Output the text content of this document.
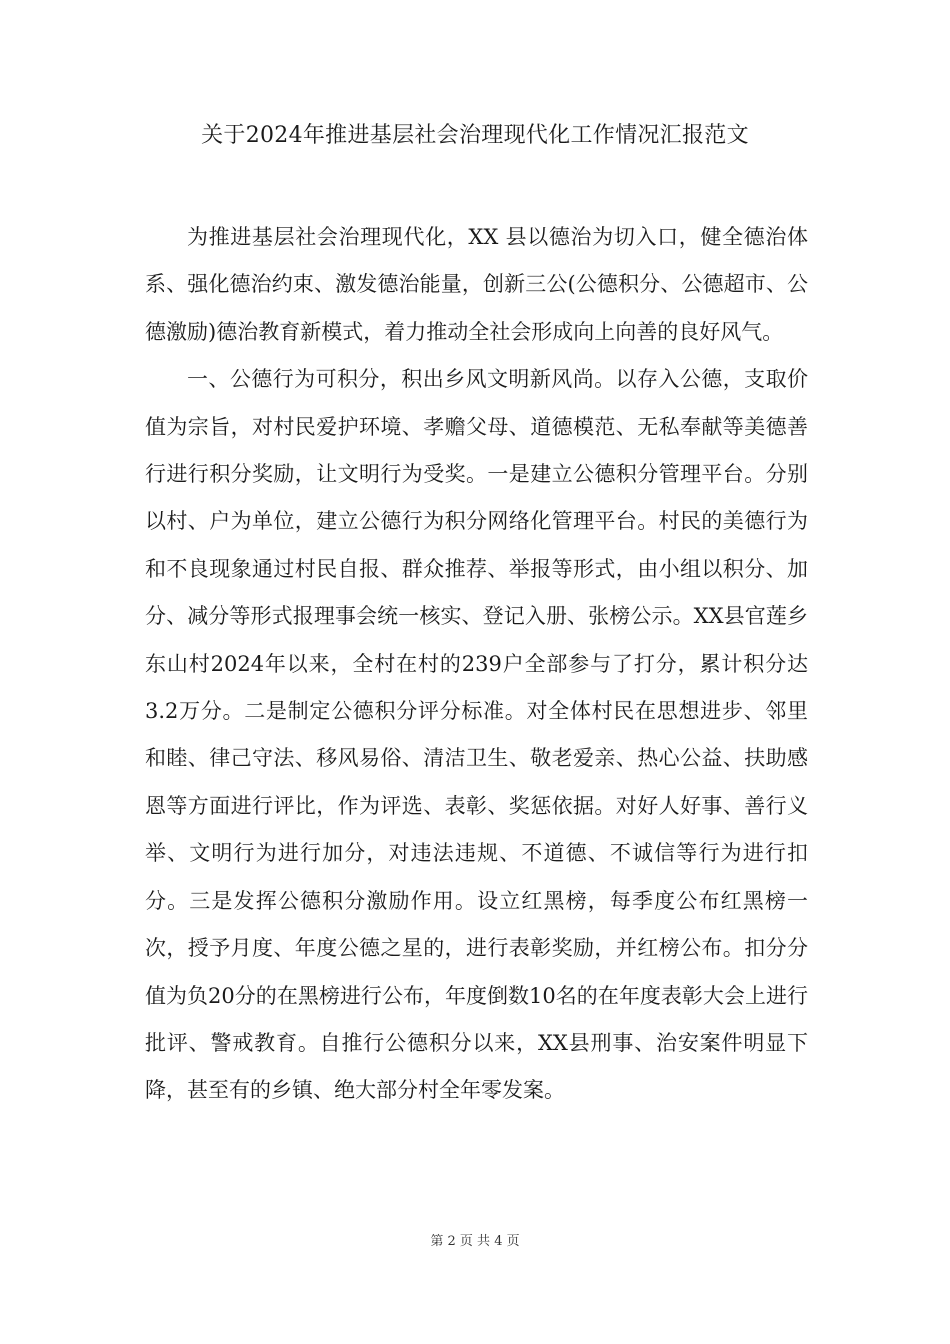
关于2024年推进基层社会治理现代化工作情况汇报范文

为推进基层社会治理现代化，XX 县以德治为切入口，健全德治体系、强化德治约束、激发德治能量，创新三公(公德积分、公德超市、公德激励)德治教育新模式，着力推动全社会形成向上向善的良好风气。

一、公德行为可积分，积出乡风文明新风尚。以存入公德，支取价值为宗旨，对村民爱护环境、孝赡父母、道德模范、无私奉献等美德善行进行积分奖励，让文明行为受奖。一是建立公德积分管理平台。分别以村、户为单位，建立公德行为积分网络化管理平台。村民的美德行为和不良现象通过村民自报、群众推荐、举报等形式，由小组以积分、加分、减分等形式报理事会统一核实、登记入册、张榜公示。XX县官莲乡东山村2024年以来，全村在村的239户全部参与了打分，累计积分达3.2万分。二是制定公德积分评分标准。对全体村民在思想进步、邻里和睦、律己守法、移风易俗、清洁卫生、敬老爱亲、热心公益、扶助感恩等方面进行评比，作为评选、表彰、奖惩依据。对好人好事、善行义举、文明行为进行加分，对违法违规、不道德、不诚信等行为进行扣分。三是发挥公德积分激励作用。设立红黑榜，每季度公布红黑榜一次，授予月度、年度公德之星的，进行表彰奖励，并红榜公布。扣分分值为负20分的在黑榜进行公布，年度倒数10名的在年度表彰大会上进行批评、警戒教育。自推行公德积分以来，XX县刑事、治安案件明显下降，甚至有的乡镇、绝大部分村全年零发案。

第 2 页 共 4 页
